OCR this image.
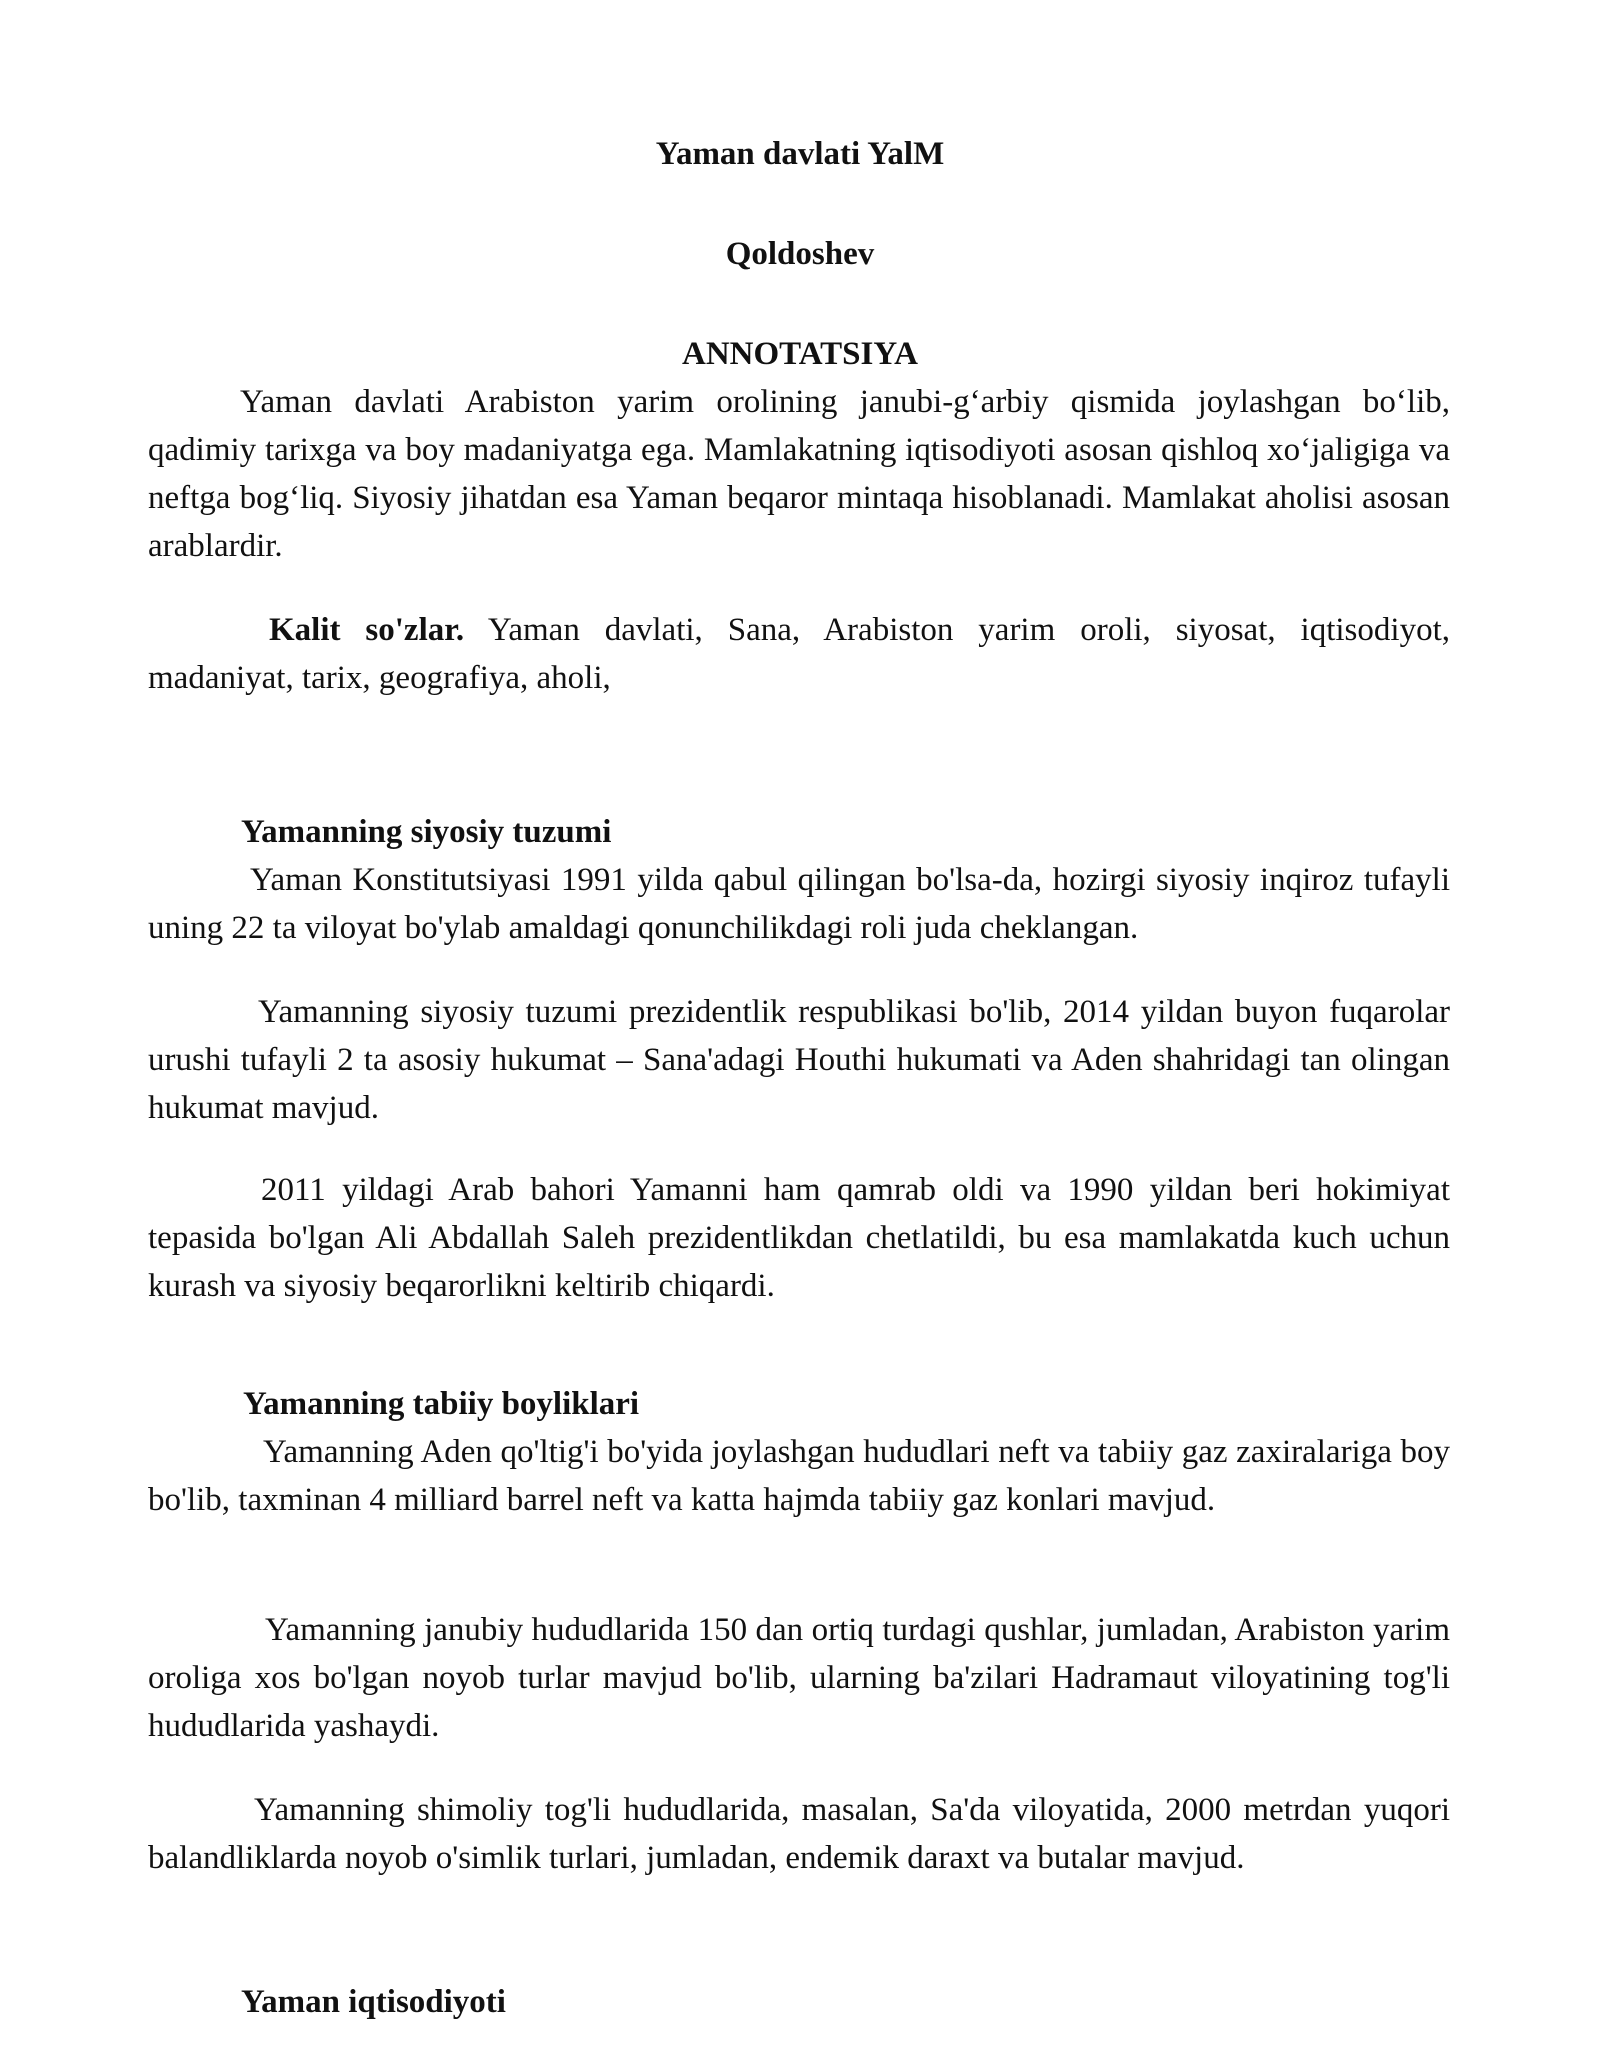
Yaman davlati YalM
Qoldoshev
ANNOTATSIYA

Yaman davlati Arabiston yarim orolining janubi-g‘arbiy qismida joylashgan bo‘lib, qadimiy tarixga va boy madaniyatga ega. Mamlakatning iqtisodiyoti asosan qishloq xo‘jaligiga va neftga bog‘liq. Siyosiy jihatdan esa Yaman beqaror mintaqa hisoblanadi. Mamlakat aholisi asosan arablardir.

Kalit so'zlar. Yaman davlati, Sana, Arabiston yarim oroli, siyosat, iqtisodiyot, madaniyat, tarix, geografiya, aholi,

Yamanning siyosiy tuzumi

Yaman Konstitutsiyasi 1991 yilda qabul qilingan bo'lsa-da, hozirgi siyosiy inqiroz tufayli uning 22 ta viloyat bo'ylab amaldagi qonunchilikdagi roli juda cheklangan.

Yamanning siyosiy tuzumi prezidentlik respublikasi bo'lib, 2014 yildan buyon fuqarolar urushi tufayli 2 ta asosiy hukumat – Sana'adagi Houthi hukumati va Aden shahridagi tan olingan hukumat mavjud.

2011 yildagi Arab bahori Yamanni ham qamrab oldi va 1990 yildan beri hokimiyat tepasida bo'lgan Ali Abdallah Saleh prezidentlikdan chetlatildi, bu esa mamlakatda kuch uchun kurash va siyosiy beqarorlikni keltirib chiqardi.

Yamanning tabiiy boyliklari

Yamanning Aden qo'ltig'i bo'yida joylashgan hududlari neft va tabiiy gaz zaxiralariga boy bo'lib, taxminan 4 milliard barrel neft va katta hajmda tabiiy gaz konlari mavjud.

Yamanning janubiy hududlarida 150 dan ortiq turdagi qushlar, jumladan, Arabiston yarim oroliga xos bo'lgan noyob turlar mavjud bo'lib, ularning ba'zilari Hadramaut viloyatining tog'li hududlarida yashaydi.

Yamanning shimoliy tog'li hududlarida, masalan, Sa'da viloyatida, 2000 metrdan yuqori balandliklarda noyob o'simlik turlari, jumladan, endemik daraxt va butalar mavjud.

Yaman iqtisodiyoti
